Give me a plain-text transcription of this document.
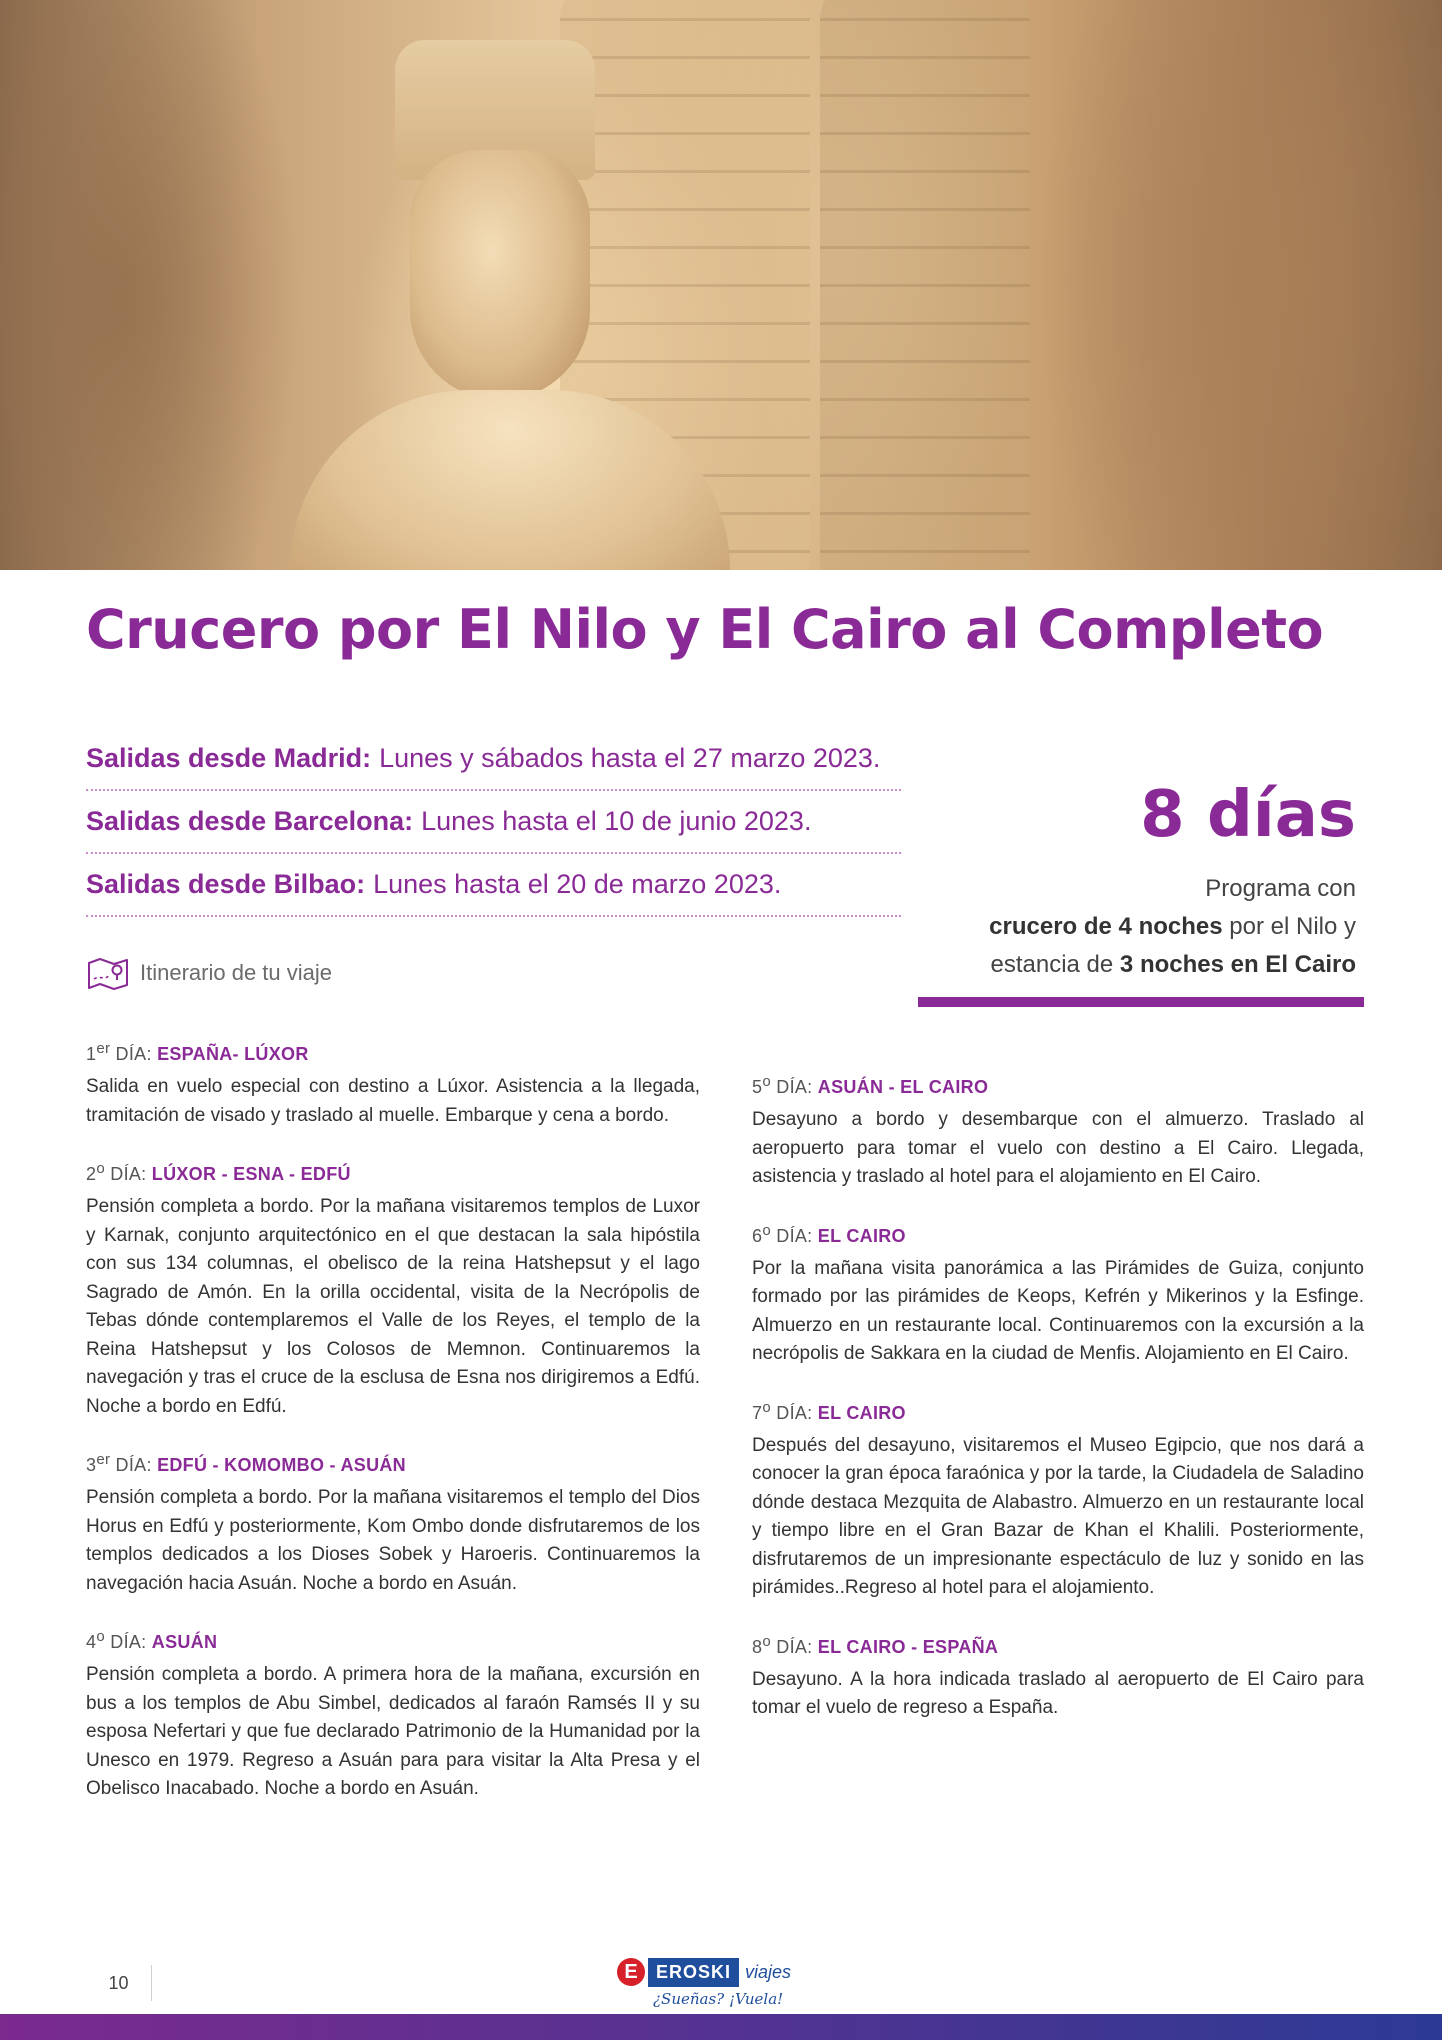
Crucero por El Nilo y El Cairo al Completo
Salidas desde Madrid: Lunes y sábados hasta el 27 marzo 2023.
Salidas desde Barcelona: Lunes hasta el 10 de junio 2023.
Salidas desde Bilbao: Lunes hasta el 20 de marzo 2023.
8 días
Programa con
crucero de 4 noches por el Nilo y
estancia de 3 noches en El Cairo
Itinerario de tu viaje
1er DÍA: ESPAÑA- LÚXOR

Salida en vuelo especial con destino a Lúxor. Asistencia a la llegada, tramitación de visado y traslado al muelle. Embarque y cena a bordo.

2$^o$ DÍA: LÚXOR - ESNA - EDFÚ

Pensión completa a bordo. Por la mañana visitaremos templos de Luxor y Karnak, conjunto arquitectónico en el que destacan la sala hipóstila con sus 134 columnas, el obelisco de la reina Hatshepsut y el lago Sagrado de Amón. En la orilla occidental, visita de la Necrópolis de Tebas dónde contemplaremos el Valle de los Reyes, el templo de la Reina Hatshepsut y los Colosos de Memnon. Continuaremos la navegación y tras el cruce de la esclusa de Esna nos dirigiremos a Edfú. Noche a bordo en Edfú.

3er DÍA: EDFÚ - KOMOMBO - ASUÁN

Pensión completa a bordo. Por la mañana visitaremos el templo del Dios Horus en Edfú y posteriormente, Kom Ombo donde disfrutaremos de los templos dedicados a los Dioses Sobek y Haroeris. Continuaremos la navegación hacia Asuán. Noche a bordo en Asuán.

4$^o$ DÍA: ASUÁN

Pensión completa a bordo. A primera hora de la mañana, excursión en bus a los templos de Abu Simbel, dedicados al faraón Ramsés II y su esposa Nefertari y que fue declarado Patrimonio de la Humanidad por la Unesco en 1979. Regreso a Asuán para para visitar la Alta Presa y el Obelisco Inacabado. Noche a bordo en Asuán.

5$^o$ DÍA: ASUÁN - EL CAIRO

Desayuno a bordo y desembarque con el almuerzo. Traslado al aeropuerto para tomar el vuelo con destino a El Cairo. Llegada, asistencia y traslado al hotel para el alojamiento en El Cairo.

6$^o$ DÍA: EL CAIRO

Por la mañana visita panorámica a las Pirámides de Guiza, conjunto formado por las pirámides de Keops, Kefrén y Mikerinos y la Esfinge. Almuerzo en un restaurante local. Continuaremos con la excursión a la necrópolis de Sakkara en la ciudad de Menfis. Alojamiento en El Cairo.

7$^o$ DÍA: EL CAIRO

Después del desayuno, visitaremos el Museo Egipcio, que nos dará a conocer la gran época faraónica y por la tarde, la Ciudadela de Saladino dónde destaca Mezquita de Alabastro. Almuerzo en un restaurante local y tiempo libre en el Gran Bazar de Khan el Khalili. Posteriormente, disfrutaremos de un impresionante espectáculo de luz y sonido en las pirámides..Regreso al hotel para el alojamiento.

8$^o$ DÍA: EL CAIRO - ESPAÑA

Desayuno. A la hora indicada traslado al aeropuerto de El Cairo para tomar el vuelo de regreso a España.

10	E	EROSKI viajes
¿Sueñas? ¡Vuela!
